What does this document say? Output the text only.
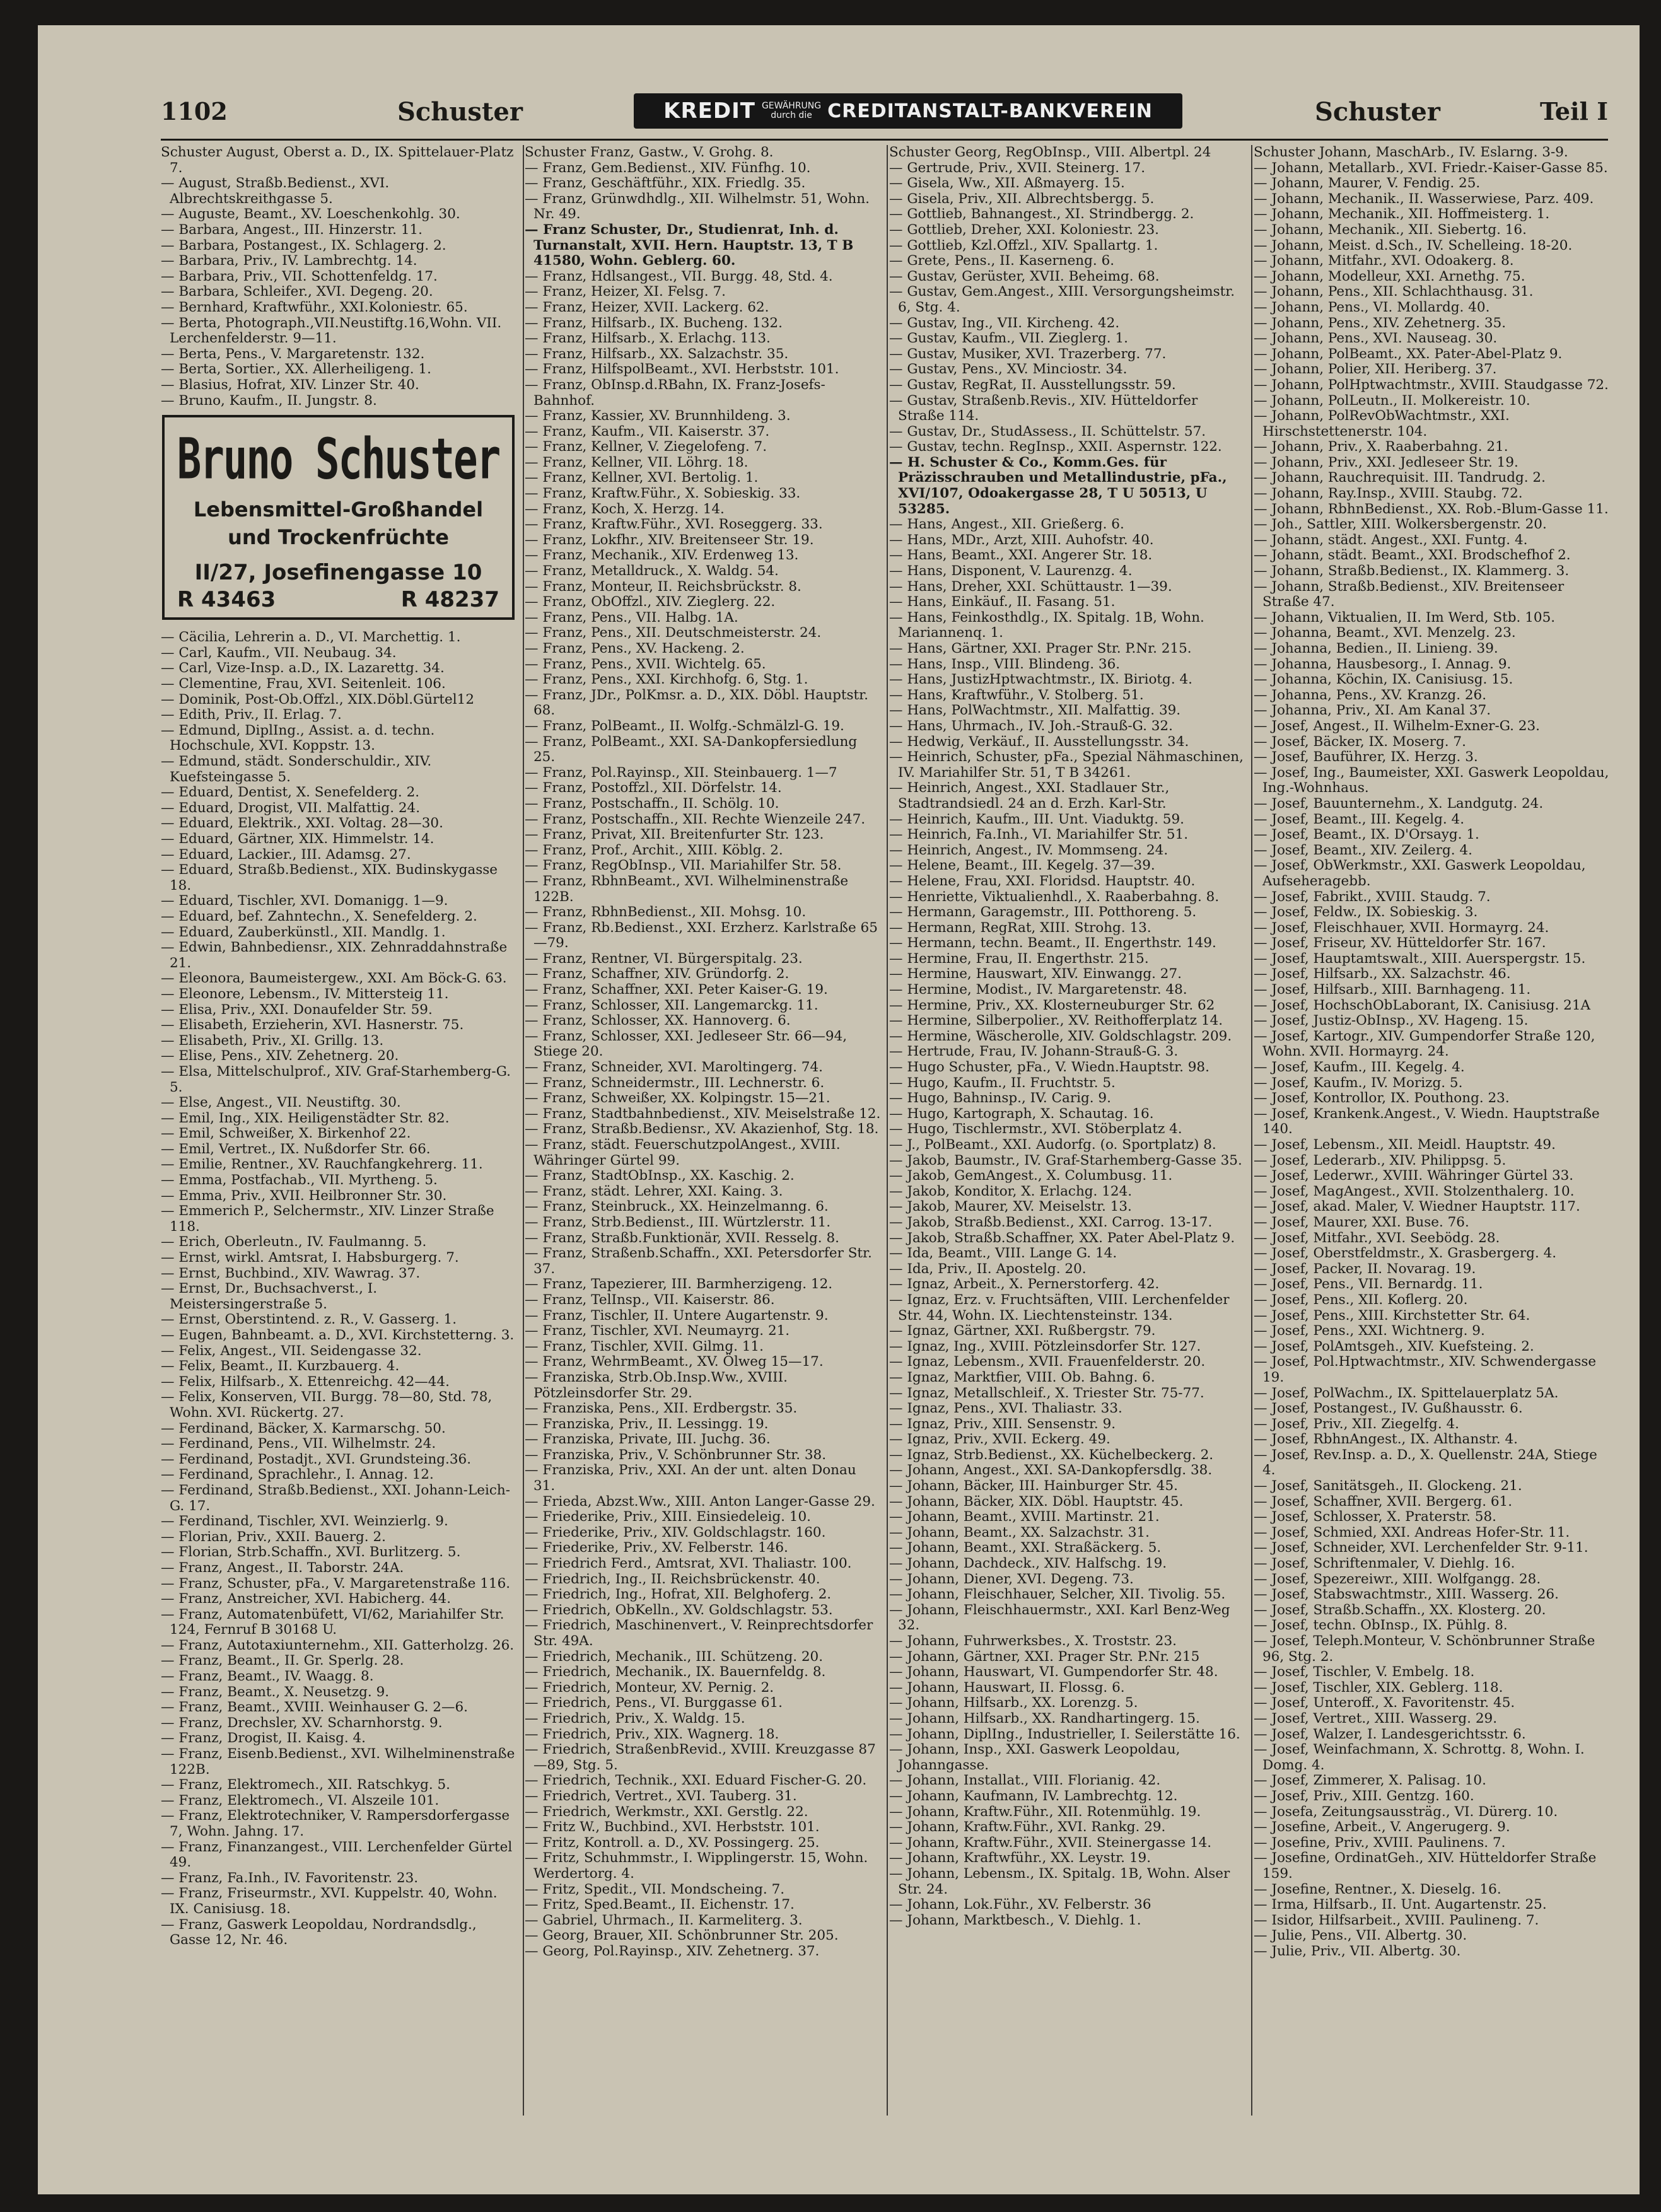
1102	Schuster	KREDIT GEWÄHRUNG
durch die CREDITANSTALT-BANKVEREIN	Schuster	Teil I

Schuster August, Oberst a. D., IX. Spittelauer-Platz 7.

— August, Straßb.Bedienst., XVI. Albrechtskreithgasse 5.

— Auguste, Beamt., XV. Loeschenkohlg. 30.

— Barbara, Angest., III. Hinzerstr. 11.

— Barbara, Postangest., IX. Schlagerg. 2.

— Barbara, Priv., IV. Lambrechtg. 14.

— Barbara, Priv., VII. Schottenfeldg. 17.

— Barbara, Schleifer., XVI. Degeng. 20.

— Bernhard, Kraftwführ., XXI.Koloniestr. 65.

— Berta, Photograph.,VII.Neustiftg.16,Wohn. VII. Lerchenfelderstr. 9—11.

— Berta, Pens., V. Margaretenstr. 132.

— Berta, Sortier., XX. Allerheiligeng. 1.

— Blasius, Hofrat, XIV. Linzer Str. 40.

— Bruno, Kaufm., II. Jungstr. 8.

Bruno Schuster
Lebensmittel-Großhandel
und Trockenfrüchte
II/27, Josefinengasse 10
R 43463	R 48237

— Cäcilia, Lehrerin a. D., VI. Marchettig. 1.

— Carl, Kaufm., VII. Neubaug. 34.

— Carl, Vize-Insp. a.D., IX. Lazarettg. 34.

— Clementine, Frau, XVI. Seitenleit. 106.

— Dominik, Post-Ob.Offzl., XIX.Döbl.Gürtel12

— Edith, Priv., II. Erlag. 7.

— Edmund, DiplIng., Assist. a. d. techn. Hochschule, XVI. Koppstr. 13.

— Edmund, städt. Sonderschuldir., XIV. Kuefsteingasse 5.

— Eduard, Dentist, X. Senefelderg. 2.

— Eduard, Drogist, VII. Malfattig. 24.

— Eduard, Elektrik., XXI. Voltag. 28—30.

— Eduard, Gärtner, XIX. Himmelstr. 14.

— Eduard, Lackier., III. Adamsg. 27.

— Eduard, Straßb.Bedienst., XIX. Budinskygasse 18.

— Eduard, Tischler, XVI. Domanigg. 1—9.

— Eduard, bef. Zahntechn., X. Senefelderg. 2.

— Eduard, Zauberkünstl., XII. Mandlg. 1.

— Edwin, Bahnbediensr., XIX. Zehnraddahnstraße 21.

— Eleonora, Baumeistergew., XXI. Am Böck-G. 63.

— Eleonore, Lebensm., IV. Mittersteig 11.

— Elisa, Priv., XXI. Donaufelder Str. 59.

— Elisabeth, Erzieherin, XVI. Hasnerstr. 75.

— Elisabeth, Priv., XI. Grillg. 13.

— Elise, Pens., XIV. Zehetnerg. 20.

— Elsa, Mittelschulprof., XIV. Graf-Starhemberg-G. 5.

— Else, Angest., VII. Neustiftg. 30.

— Emil, Ing., XIX. Heiligenstädter Str. 82.

— Emil, Schweißer, X. Birkenhof 22.

— Emil, Vertret., IX. Nußdorfer Str. 66.

— Emilie, Rentner., XV. Rauchfangkehrerg. 11.

— Emma, Postfachab., VII. Myrtheng. 5.

— Emma, Priv., XVII. Heilbronner Str. 30.

— Emmerich P., Selchermstr., XIV. Linzer Straße 118.

— Erich, Oberleutn., IV. Faulmanng. 5.

— Ernst, wirkl. Amtsrat, I. Habsburgerg. 7.

— Ernst, Buchbind., XIV. Wawrag. 37.

— Ernst, Dr., Buchsachverst., I. Meistersingerstraße 5.

— Ernst, Oberstintend. z. R., V. Gasserg. 1.

— Eugen, Bahnbeamt. a. D., XVI. Kirchstetterng. 3.

— Felix, Angest., VII. Seidengasse 32.

— Felix, Beamt., II. Kurzbauerg. 4.

— Felix, Hilfsarb., X. Ettenreichg. 42—44.

— Felix, Konserven, VII. Burgg. 78—80, Std. 78, Wohn. XVI. Rückertg. 27.

— Ferdinand, Bäcker, X. Karmarschg. 50.

— Ferdinand, Pens., VII. Wilhelmstr. 24.

— Ferdinand, Postadjt., XVI. Grundsteing.36.

— Ferdinand, Sprachlehr., I. Annag. 12.

— Ferdinand, Straßb.Bedienst., XXI. Johann-Leich-G. 17.

— Ferdinand, Tischler, XVI. Weinzierlg. 9.

— Florian, Priv., XXII. Bauerg. 2.

— Florian, Strb.Schaffn., XVI. Burlitzerg. 5.

— Franz, Angest., II. Taborstr. 24A.

— Franz, Schuster, pFa., V. Margaretenstraße 116.

— Franz, Anstreicher, XVI. Habicherg. 44.

— Franz, Automatenbüfett, VI/62, Mariahilfer Str. 124, Fernruf B 30168 U.

— Franz, Autotaxiunternehm., XII. Gatterholzg. 26.

— Franz, Beamt., II. Gr. Sperlg. 28.

— Franz, Beamt., IV. Waagg. 8.

— Franz, Beamt., X. Neusetzg. 9.

— Franz, Beamt., XVIII. Weinhauser G. 2—6.

— Franz, Drechsler, XV. Scharnhorstg. 9.

— Franz, Drogist, II. Kaisg. 4.

— Franz, Eisenb.Bedienst., XVI. Wilhelminenstraße 122B.

— Franz, Elektromech., XII. Ratschkyg. 5.

— Franz, Elektromech., VI. Alszeile 101.

— Franz, Elektrotechniker, V. Rampersdorfergasse 7, Wohn. Jahng. 17.

— Franz, Finanzangest., VIII. Lerchenfelder Gürtel 49.

— Franz, Fa.Inh., IV. Favoritenstr. 23.

— Franz, Friseurmstr., XVI. Kuppelstr. 40, Wohn. IX. Canisiusg. 18.

— Franz, Gaswerk Leopoldau, Nordrandsdlg., Gasse 12, Nr. 46.

Schuster Franz, Gastw., V. Grohg. 8.

— Franz, Gem.Bedienst., XIV. Fünfhg. 10.

— Franz, Geschäftführ., XIX. Friedlg. 35.

— Franz, Grünwdhdlg., XII. Wilhelmstr. 51, Wohn. Nr. 49.

— Franz Schuster, Dr., Studienrat, Inh. d. Turnanstalt, XVII. Hern. Hauptstr. 13, T B 41580, Wohn. Geblerg. 60.

— Franz, Hdlsangest., VII. Burgg. 48, Std. 4.

— Franz, Heizer, XI. Felsg. 7.

— Franz, Heizer, XVII. Lackerg. 62.

— Franz, Hilfsarb., IX. Bucheng. 132.

— Franz, Hilfsarb., X. Erlachg. 113.

— Franz, Hilfsarb., XX. Salzachstr. 35.

— Franz, HilfspolBeamt., XVI. Herbststr. 101.

— Franz, ObInsp.d.RBahn, IX. Franz-Josefs-Bahnhof.

— Franz, Kassier, XV. Brunnhildeng. 3.

— Franz, Kaufm., VII. Kaiserstr. 37.

— Franz, Kellner, V. Ziegelofeng. 7.

— Franz, Kellner, VII. Löhrg. 18.

— Franz, Kellner, XVI. Bertolig. 1.

— Franz, Kraftw.Führ., X. Sobieskig. 33.

— Franz, Koch, X. Herzg. 14.

— Franz, Kraftw.Führ., XVI. Roseggerg. 33.

— Franz, Lokfhr., XIV. Breitenseer Str. 19.

— Franz, Mechanik., XIV. Erdenweg 13.

— Franz, Metalldruck., X. Waldg. 54.

— Franz, Monteur, II. Reichsbrückstr. 8.

— Franz, ObOffzl., XIV. Zieglerg. 22.

— Franz, Pens., VII. Halbg. 1A.

— Franz, Pens., XII. Deutschmeisterstr. 24.

— Franz, Pens., XV. Hackeng. 2.

— Franz, Pens., XVII. Wichtelg. 65.

— Franz, Pens., XXI. Kirchhofg. 6, Stg. 1.

— Franz, JDr., PolKmsr. a. D., XIX. Döbl. Hauptstr. 68.

— Franz, PolBeamt., II. Wolfg.-Schmälzl-G. 19.

— Franz, PolBeamt., XXI. SA-Dankopfersiedlung 25.

— Franz, Pol.Rayinsp., XII. Steinbauerg. 1—7

— Franz, Postoffzl., XII. Dörfelstr. 14.

— Franz, Postschaffn., II. Schölg. 10.

— Franz, Postschaffn., XII. Rechte Wienzeile 247.

— Franz, Privat, XII. Breitenfurter Str. 123.

— Franz, Prof., Archit., XIII. Köblg. 2.

— Franz, RegObInsp., VII. Mariahilfer Str. 58.

— Franz, RbhnBeamt., XVI. Wilhelminenstraße 122B.

— Franz, RbhnBedienst., XII. Mohsg. 10.

— Franz, Rb.Bedienst., XXI. Erzherz. Karlstraße 65—79.

— Franz, Rentner, VI. Bürgerspitalg. 23.

— Franz, Schaffner, XIV. Gründorfg. 2.

— Franz, Schaffner, XXI. Peter Kaiser-G. 19.

— Franz, Schlosser, XII. Langemarckg. 11.

— Franz, Schlosser, XX. Hannoverg. 6.

— Franz, Schlosser, XXI. Jedleseer Str. 66—94, Stiege 20.

— Franz, Schneider, XVI. Maroltingerg. 74.

— Franz, Schneidermstr., III. Lechnerstr. 6.

— Franz, Schweißer, XX. Kolpingstr. 15—21.

— Franz, Stadtbahnbedienst., XIV. Meiselstraße 12.

— Franz, Straßb.Bediensr., XV. Akazienhof, Stg. 18.

— Franz, städt. FeuerschutzpolAngest., XVIII. Währinger Gürtel 99.

— Franz, StadtObInsp., XX. Kaschig. 2.

— Franz, städt. Lehrer, XXI. Kaing. 3.

— Franz, Steinbruck., XX. Heinzelmanng. 6.

— Franz, Strb.Bedienst., III. Würtzlerstr. 11.

— Franz, Straßb.Funktionär, XVII. Resselg. 8.

— Franz, Straßenb.Schaffn., XXI. Petersdorfer Str. 37.

— Franz, Tapezierer, III. Barmherzigeng. 12.

— Franz, TelInsp., VII. Kaiserstr. 86.

— Franz, Tischler, II. Untere Augartenstr. 9.

— Franz, Tischler, XVI. Neumayrg. 21.

— Franz, Tischler, XVII. Gilmg. 11.

— Franz, WehrmBeamt., XV. Ölweg 15—17.

— Franziska, Strb.Ob.Insp.Ww., XVIII. Pötzleinsdorfer Str. 29.

— Franziska, Pens., XII. Erdbergstr. 35.

— Franziska, Priv., II. Lessingg. 19.

— Franziska, Private, III. Juchg. 36.

— Franziska, Priv., V. Schönbrunner Str. 38.

— Franziska, Priv., XXI. An der unt. alten Donau 31.

— Frieda, Abzst.Ww., XIII. Anton Langer-Gasse 29.

— Friederike, Priv., XIII. Einsiedeleig. 10.

— Friederike, Priv., XIV. Goldschlagstr. 160.

— Friederike, Priv., XV. Felberstr. 146.

— Friedrich Ferd., Amtsrat, XVI. Thaliastr. 100.

— Friedrich, Ing., II. Reichsbrückenstr. 40.

— Friedrich, Ing., Hofrat, XII. Belghoferg. 2.

— Friedrich, ObKelln., XV. Goldschlagstr. 53.

— Friedrich, Maschinenvert., V. Reinprechtsdorfer Str. 49A.

— Friedrich, Mechanik., III. Schützeng. 20.

— Friedrich, Mechanik., IX. Bauernfeldg. 8.

— Friedrich, Monteur, XV. Pernig. 2.

— Friedrich, Pens., VI. Burggasse 61.

— Friedrich, Priv., X. Waldg. 15.

— Friedrich, Priv., XIX. Wagnerg. 18.

— Friedrich, StraßenbRevid., XVIII. Kreuzgasse 87—89, Stg. 5.

— Friedrich, Technik., XXI. Eduard Fischer-G. 20.

— Friedrich, Vertret., XVI. Tauberg. 31.

— Friedrich, Werkmstr., XXI. Gerstlg. 22.

— Fritz W., Buchbind., XVI. Herbststr. 101.

— Fritz, Kontroll. a. D., XV. Possingerg. 25.

— Fritz, Schuhmmstr., I. Wipplingerstr. 15, Wohn. Werdertorg. 4.

— Fritz, Spedit., VII. Mondscheing. 7.

— Fritz, Sped.Beamt., II. Eichenstr. 17.

— Gabriel, Uhrmach., II. Karmeliterg. 3.

— Georg, Brauer, XII. Schönbrunner Str. 205.

— Georg, Pol.Rayinsp., XIV. Zehetnerg. 37.

Schuster Georg, RegObInsp., VIII. Albertpl. 24

— Gertrude, Priv., XVII. Steinerg. 17.

— Gisela, Ww., XII. Aßmayerg. 15.

— Gisela, Priv., XII. Albrechtsbergg. 5.

— Gottlieb, Bahnangest., XI. Strindbergg. 2.

— Gottlieb, Dreher, XXI. Koloniestr. 23.

— Gottlieb, Kzl.Offzl., XIV. Spallartg. 1.

— Grete, Pens., II. Kaserneng. 6.

— Gustav, Gerüster, XVII. Beheimg. 68.

— Gustav, Gem.Angest., XIII. Versorgungsheimstr. 6, Stg. 4.

— Gustav, Ing., VII. Kircheng. 42.

— Gustav, Kaufm., VII. Zieglerg. 1.

— Gustav, Musiker, XVI. Trazerberg. 77.

— Gustav, Pens., XV. Minciostr. 34.

— Gustav, RegRat, II. Ausstellungsstr. 59.

— Gustav, Straßenb.Revis., XIV. Hütteldorfer Straße 114.

— Gustav, Dr., StudAssess., II. Schüttelstr. 57.

— Gustav, techn. RegInsp., XXII. Aspernstr. 122.

— H. Schuster & Co., Komm.Ges. für Präzisschrauben und Metallindustrie, pFa., XVI/107, Odoakergasse 28, T U 50513, U 53285.

— Hans, Angest., XII. Grießerg. 6.

— Hans, MDr., Arzt, XIII. Auhofstr. 40.

— Hans, Beamt., XXI. Angerer Str. 18.

— Hans, Disponent, V. Laurenzg. 4.

— Hans, Dreher, XXI. Schüttaustr. 1—39.

— Hans, Einkäuf., II. Fasang. 51.

— Hans, Feinkosthdlg., IX. Spitalg. 1B, Wohn. Mariannenq. 1.

— Hans, Gärtner, XXI. Prager Str. P.Nr. 215.

— Hans, Insp., VIII. Blindeng. 36.

— Hans, JustizHptwachtmstr., IX. Biriotg. 4.

— Hans, Kraftwführ., V. Stolberg. 51.

— Hans, PolWachtmstr., XII. Malfattig. 39.

— Hans, Uhrmach., IV. Joh.-Strauß-G. 32.

— Hedwig, Verkäuf., II. Ausstellungsstr. 34.

— Heinrich, Schuster, pFa., Spezial Nähmaschinen, IV. Mariahilfer Str. 51, T B 34261.

— Heinrich, Angest., XXI. Stadlauer Str., Stadtrandsiedl. 24 an d. Erzh. Karl-Str.

— Heinrich, Kaufm., III. Unt. Viaduktg. 59.

— Heinrich, Fa.Inh., VI. Mariahilfer Str. 51.

— Heinrich, Angest., IV. Mommseng. 24.

— Helene, Beamt., III. Kegelg. 37—39.

— Helene, Frau, XXI. Floridsd. Hauptstr. 40.

— Henriette, Viktualienhdl., X. Raaberbahng. 8.

— Hermann, Garagemstr., III. Potthoreng. 5.

— Hermann, RegRat, XIII. Strohg. 13.

— Hermann, techn. Beamt., II. Engerthstr. 149.

— Hermine, Frau, II. Engerthstr. 215.

— Hermine, Hauswart, XIV. Einwangg. 27.

— Hermine, Modist., IV. Margaretenstr. 48.

— Hermine, Priv., XX. Klosterneuburger Str. 62

— Hermine, Silberpolier., XV. Reithofferplatz 14.

— Hermine, Wäscherolle, XIV. Goldschlagstr. 209.

— Hertrude, Frau, IV. Johann-Strauß-G. 3.

— Hugo Schuster, pFa., V. Wiedn.Hauptstr. 98.

— Hugo, Kaufm., II. Fruchtstr. 5.

— Hugo, Bahninsp., IV. Carig. 9.

— Hugo, Kartograph, X. Schautag. 16.

— Hugo, Tischlermstr., XVI. Stöberplatz 4.

— J., PolBeamt., XXI. Audorfg. (o. Sportplatz) 8.

— Jakob, Baumstr., IV. Graf-Starhemberg-Gasse 35.

— Jakob, GemAngest., X. Columbusg. 11.

— Jakob, Konditor, X. Erlachg. 124.

— Jakob, Maurer, XV. Meiselstr. 13.

— Jakob, Straßb.Bedienst., XXI. Carrog. 13-17.

— Jakob, Straßb.Schaffner, XX. Pater Abel-Platz 9.

— Ida, Beamt., VIII. Lange G. 14.

— Ida, Priv., II. Apostelg. 20.

— Ignaz, Arbeit., X. Pernerstorferg. 42.

— Ignaz, Erz. v. Fruchtsäften, VIII. Lerchenfelder Str. 44, Wohn. IX. Liechtensteinstr. 134.

— Ignaz, Gärtner, XXI. Rußbergstr. 79.

— Ignaz, Ing., XVIII. Pötzleinsdorfer Str. 127.

— Ignaz, Lebensm., XVII. Frauenfelderstr. 20.

— Ignaz, Marktfier, VIII. Ob. Bahng. 6.

— Ignaz, Metallschleif., X. Triester Str. 75-77.

— Ignaz, Pens., XVI. Thaliastr. 33.

— Ignaz, Priv., XIII. Sensenstr. 9.

— Ignaz, Priv., XVII. Eckerg. 49.

— Ignaz, Strb.Bedienst., XX. Küchelbeckerg. 2.

— Johann, Angest., XXI. SA-Dankopfersdlg. 38.

— Johann, Bäcker, III. Hainburger Str. 45.

— Johann, Bäcker, XIX. Döbl. Hauptstr. 45.

— Johann, Beamt., XVIII. Martinstr. 21.

— Johann, Beamt., XX. Salzachstr. 31.

— Johann, Beamt., XXI. Straßäckerg. 5.

— Johann, Dachdeck., XIV. Halfschg. 19.

— Johann, Diener, XVI. Degeng. 73.

— Johann, Fleischhauer, Selcher, XII. Tivolig. 55.

— Johann, Fleischhauermstr., XXI. Karl Benz-Weg 32.

— Johann, Fuhrwerksbes., X. Troststr. 23.

— Johann, Gärtner, XXI. Prager Str. P.Nr. 215

— Johann, Hauswart, VI. Gumpendorfer Str. 48.

— Johann, Hauswart, II. Flossg. 6.

— Johann, Hilfsarb., XX. Lorenzg. 5.

— Johann, Hilfsarb., XX. Randhartingerg. 15.

— Johann, DiplIng., Industrieller, I. Seilerstätte 16.

— Johann, Insp., XXI. Gaswerk Leopoldau, Johanngasse.

— Johann, Installat., VIII. Florianig. 42.

— Johann, Kaufmann, IV. Lambrechtg. 12.

— Johann, Kraftw.Führ., XII. Rotenmühlg. 19.

— Johann, Kraftw.Führ., XVI. Rankg. 29.

— Johann, Kraftw.Führ., XVII. Steinergasse 14.

— Johann, Kraftwführ., XX. Leystr. 19.

— Johann, Lebensm., IX. Spitalg. 1B, Wohn. Alser Str. 24.

— Johann, Lok.Führ., XV. Felberstr. 36

— Johann, Marktbesch., V. Diehlg. 1.

Schuster Johann, MaschArb., IV. Eslarng. 3-9.

— Johann, Metallarb., XVI. Friedr.-Kaiser-Gasse 85.

— Johann, Maurer, V. Fendig. 25.

— Johann, Mechanik., II. Wasserwiese, Parz. 409.

— Johann, Mechanik., XII. Hoffmeisterg. 1.

— Johann, Mechanik., XII. Siebertg. 16.

— Johann, Meist. d.Sch., IV. Schelleing. 18-20.

— Johann, Mitfahr., XVI. Odoakerg. 8.

— Johann, Modelleur, XXI. Arnethg. 75.

— Johann, Pens., XII. Schlachthausg. 31.

— Johann, Pens., VI. Mollardg. 40.

— Johann, Pens., XIV. Zehetnerg. 35.

— Johann, Pens., XVI. Nauseag. 30.

— Johann, PolBeamt., XX. Pater-Abel-Platz 9.

— Johann, Polier, XII. Heriberg. 37.

— Johann, PolHptwachtmstr., XVIII. Staudgasse 72.

— Johann, PolLeutn., II. Molkereistr. 10.

— Johann, PolRevObWachtmstr., XXI. Hirschstettenerstr. 104.

— Johann, Priv., X. Raaberbahng. 21.

— Johann, Priv., XXI. Jedleseer Str. 19.

— Johann, Rauchrequisit. III. Tandrudg. 2.

— Johann, Ray.Insp., XVIII. Staubg. 72.

— Johann, RbhnBedienst., XX. Rob.-Blum-Gasse 11.

— Joh., Sattler, XIII. Wolkersbergenstr. 20.

— Johann, städt. Angest., XXI. Funtg. 4.

— Johann, städt. Beamt., XXI. Brodschefhof 2.

— Johann, Straßb.Bedienst., IX. Klammerg. 3.

— Johann, Straßb.Bedienst., XIV. Breitenseer Straße 47.

— Johann, Viktualien, II. Im Werd, Stb. 105.

— Johanna, Beamt., XVI. Menzelg. 23.

— Johanna, Bedien., II. Linieng. 39.

— Johanna, Hausbesorg., I. Annag. 9.

— Johanna, Köchin, IX. Canisiusg. 15.

— Johanna, Pens., XV. Kranzg. 26.

— Johanna, Priv., XI. Am Kanal 37.

— Josef, Angest., II. Wilhelm-Exner-G. 23.

— Josef, Bäcker, IX. Moserg. 7.

— Josef, Bauführer, IX. Herzg. 3.

— Josef, Ing., Baumeister, XXI. Gaswerk Leopoldau, Ing.-Wohnhaus.

— Josef, Bauunternehm., X. Landgutg. 24.

— Josef, Beamt., III. Kegelg. 4.

— Josef, Beamt., IX. D'Orsayg. 1.

— Josef, Beamt., XIV. Zeilerg. 4.

— Josef, ObWerkmstr., XXI. Gaswerk Leopoldau, Aufseheragebb.

— Josef, Fabrikt., XVIII. Staudg. 7.

— Josef, Feldw., IX. Sobieskig. 3.

— Josef, Fleischhauer, XVII. Hormayrg. 24.

— Josef, Friseur, XV. Hütteldorfer Str. 167.

— Josef, Hauptamtswalt., XIII. Auerspergstr. 15.

— Josef, Hilfsarb., XX. Salzachstr. 46.

— Josef, Hilfsarb., XIII. Barnhageng. 11.

— Josef, HochschObLaborant, IX. Canisiusg. 21A

— Josef, Justiz-ObInsp., XV. Hageng. 15.

— Josef, Kartogr., XIV. Gumpendorfer Straße 120, Wohn. XVII. Hormayrg. 24.

— Josef, Kaufm., III. Kegelg. 4.

— Josef, Kaufm., IV. Morizg. 5.

— Josef, Kontrollor, IX. Pouthong. 23.

— Josef, Krankenk.Angest., V. Wiedn. Hauptstraße 140.

— Josef, Lebensm., XII. Meidl. Hauptstr. 49.

— Josef, Lederarb., XIV. Philippsg. 5.

— Josef, Lederwr., XVIII. Währinger Gürtel 33.

— Josef, MagAngest., XVII. Stolzenthalerg. 10.

— Josef, akad. Maler, V. Wiedner Hauptstr. 117.

— Josef, Maurer, XXI. Buse. 76.

— Josef, Mitfahr., XVI. Seebödg. 28.

— Josef, Oberstfeldmstr., X. Grasbergerg. 4.

— Josef, Packer, II. Novarag. 19.

— Josef, Pens., VII. Bernardg. 11.

— Josef, Pens., XII. Koflerg. 20.

— Josef, Pens., XIII. Kirchstetter Str. 64.

— Josef, Pens., XXI. Wichtnerg. 9.

— Josef, PolAmtsgeh., XIV. Kuefsteing. 2.

— Josef, Pol.Hptwachtmstr., XIV. Schwendergasse 19.

— Josef, PolWachm., IX. Spittelauerplatz 5A.

— Josef, Postangest., IV. Gußhausstr. 6.

— Josef, Priv., XII. Ziegelfg. 4.

— Josef, RbhnAngest., IX. Althanstr. 4.

— Josef, Rev.Insp. a. D., X. Quellenstr. 24A, Stiege 4.

— Josef, Sanitätsgeh., II. Glockeng. 21.

— Josef, Schaffner, XVII. Bergerg. 61.

— Josef, Schlosser, X. Praterstr. 58.

— Josef, Schmied, XXI. Andreas Hofer-Str. 11.

— Josef, Schneider, XVI. Lerchenfelder Str. 9-11.

— Josef, Schriftenmaler, V. Diehlg. 16.

— Josef, Spezereiwr., XIII. Wolfgangg. 28.

— Josef, Stabswachtmstr., XIII. Wasserg. 26.

— Josef, Straßb.Schaffn., XX. Klosterg. 20.

— Josef, techn. ObInsp., IX. Pühlg. 8.

— Josef, Teleph.Monteur, V. Schönbrunner Straße 96, Stg. 2.

— Josef, Tischler, V. Embelg. 18.

— Josef, Tischler, XIX. Geblerg. 118.

— Josef, Unteroff., X. Favoritenstr. 45.

— Josef, Vertret., XIII. Wasserg. 29.

— Josef, Walzer, I. Landesgerichtsstr. 6.

— Josef, Weinfachmann, X. Schrottg. 8, Wohn. I. Domg. 4.

— Josef, Zimmerer, X. Palisag. 10.

— Josef, Priv., XIII. Gentzg. 160.

— Josefa, Zeitungsaussträg., VI. Dürerg. 10.

— Josefine, Arbeit., V. Angerugerg. 9.

— Josefine, Priv., XVIII. Paulinens. 7.

— Josefine, OrdinatGeh., XIV. Hütteldorfer Straße 159.

— Josefine, Rentner., X. Dieselg. 16.

— Irma, Hilfsarb., II. Unt. Augartenstr. 25.

— Isidor, Hilfsarbeit., XVIII. Paulineng. 7.

— Julie, Pens., VII. Albertg. 30.

— Julie, Priv., VII. Albertg. 30.
